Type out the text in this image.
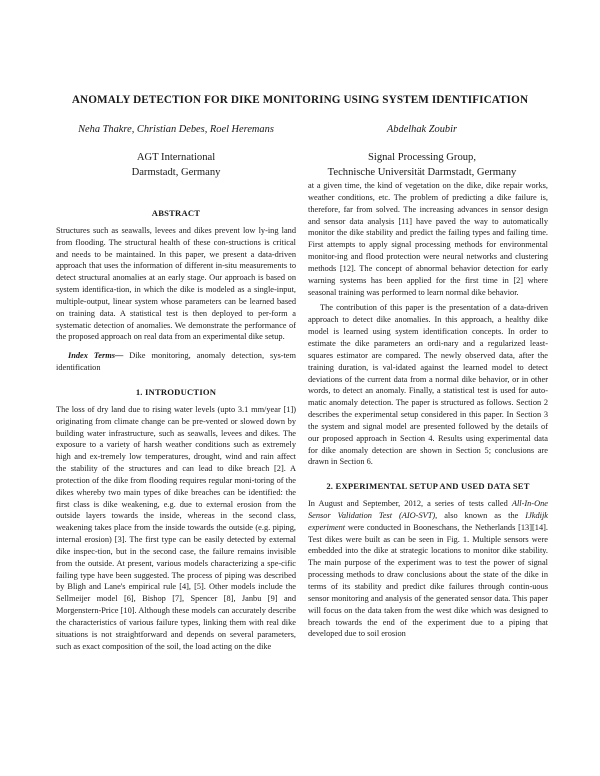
ANOMALY DETECTION FOR DIKE MONITORING USING SYSTEM IDENTIFICATION
Neha Thakre, Christian Debes, Roel Heremans	Abdelhak Zoubir
AGT International
Darmstadt, Germany
Signal Processing Group,
Technische Universität Darmstadt, Germany
ABSTRACT

Structures such as seawalls, levees and dikes prevent low ly-ing land from flooding. The structural health of these con-structions is critical and needs to be maintained. In this paper, we present a data-driven approach that uses the information of different in-situ measurements to detect structural anomalies at an early stage. Our approach is based on system identifica-tion, in which the dike is modeled as a single-input, multiple-output, linear system whose parameters can be learned based on training data. A statistical test is then deployed to per-form a systematic detection of anomalies. We demonstrate the performance of the proposed approach on real data from an experimental dike setup.

Index Terms— Dike monitoring, anomaly detection, sys-tem identification

1. INTRODUCTION

The loss of dry land due to rising water levels (upto 3.1 mm/year [1]) originating from climate change can be pre-vented or slowed down by building water infrastructure, such as seawalls, levees and dikes. The exposure to a variety of harsh weather conditions such as extremely high and ex-tremely low temperatures, drought, wind and rain affect the stability of the structures and can lead to dike breach [2]. A protection of the dike from flooding requires regular moni-toring of the dikes whereby two main types of dike breaches can be identified: the first class is dike weakening, e.g. due to external erosion from the outside layers towards the inside, whereas in the second class, weakening takes place from the inside towards the outside (e.g. piping, internal erosion) [3]. The first type can be easily detected by external dike inspec-tion, but in the second case, the failure remains invisible from the outside. At present, various models characterizing a spe-cific failing type have been suggested. The process of piping was described by Bligh and Lane's empirical rule [4], [5]. Other models include the Sellmeijer model [6], Bishop [7], Spencer [8], Janbu [9] and Morgenstern-Price [10]. Although these models can accurately describe the characteristics of various failure types, linking them with real dike situations is not straightforward and depends on several parameters, such as exact composition of the soil, the load acting on the dike

at a given time, the kind of vegetation on the dike, dike repair works, weather conditions, etc. The problem of predicting a dike failure is, therefore, far from solved. The increasing advances in sensor design and sensor data analysis [11] have paved the way to automatically monitor the dike stability and predict the failing types and failing time. First attempts to apply signal processing methods for environmental monitor-ing and flood protection were neural networks and clustering methods [12]. The concept of abnormal behavior detection for early warning systems has been applied for the first time in [2] where seasonal training was performed to learn normal dike behavior.

The contribution of this paper is the presentation of a data-driven approach to detect dike anomalies. In this approach, a healthy dike model is learned using system identification concepts. In order to estimate the dike parameters an ordi-nary and a regularized least-squares estimator are compared. The newly observed data, after the training duration, is val-idated against the learned model to detect deviations of the current data from a normal dike behavior, or in other words, to detect an anomaly. Finally, a statistical test is used for auto-matic anomaly detection. The paper is structured as follows. Section 2 describes the experimental setup considered in this paper. In Section 3 the system and signal model are presented followed by the details of our proposed approach in Section 4. Results using experimental data for dike anomaly detection are shown in Section 5; conclusions are drawn in Section 6.

2. EXPERIMENTAL SETUP AND USED DATA SET

In August and September, 2012, a series of tests called All-In-One Sensor Validation Test (AIO-SVT), also known as the IJkdijk experiment were conducted in Booneschans, the Netherlands [13][14]. Test dikes were built as can be seen in Fig. 1. Multiple sensors were embedded into the dike at strategic locations to monitor dike stability. The main purpose of the experiment was to test the power of signal processing methods to draw conclusions about the state of the dike in terms of its stability and predict dike failures through contin-uous sensor monitoring and analysis of the generated sensor data. This paper will focus on the data taken from the west dike which was designed to breach towards the end of the experiment due to a piping that developed due to soil erosion
